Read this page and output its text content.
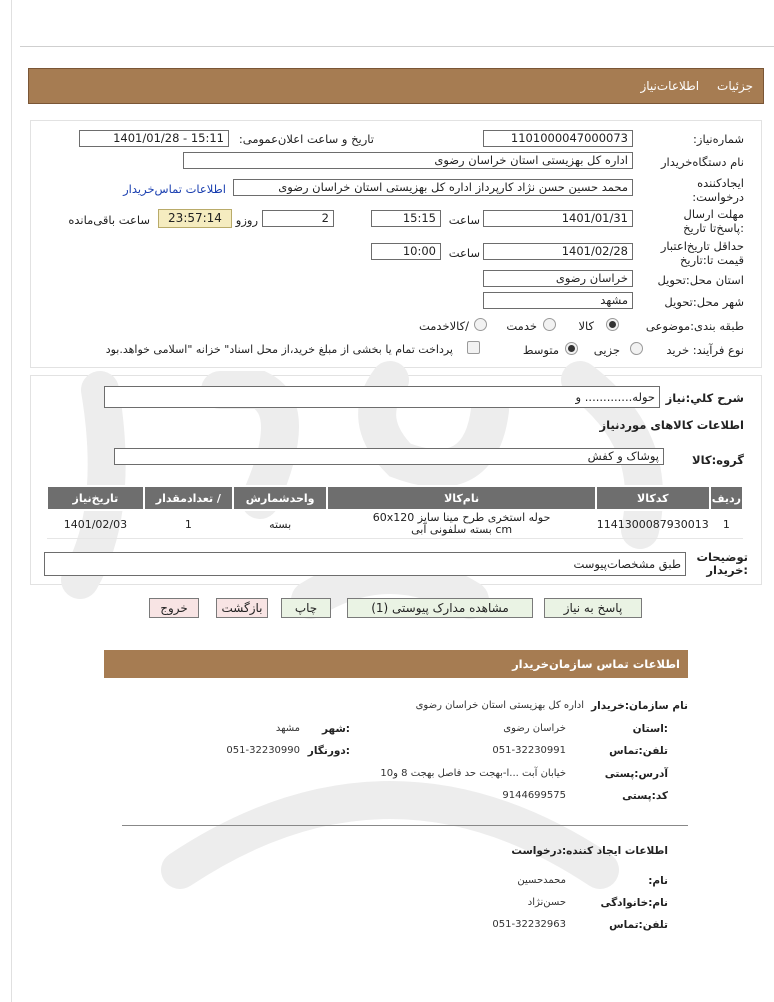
جزئیات
اطلاعات‌نیاز
شماره‌نیاز:
1101000047000073
تاریخ و ساعت اعلان‌عمومی:
1401/01/28 - 15:11
نام دستگاه‌خریدار
اداره کل بهزیستی استان خراسان رضوی
ایجادکننده درخواست:
محمد حسین حسن نژاد کارپرداز اداره کل بهزیستی استان خراسان رضوی
اطلاعات تماس‌خریدار
مهلت ارسال :پاسخ‌تا تاریخ
1401/01/31
ساعت
15:15
2
روزو
23:57:14
ساعت باقی‌مانده
حداقل تاریخ‌اعتبار قیمت تا:تاریخ
1401/02/28
ساعت
10:00
استان محل:تحویل
خراسان رضوی
شهر محل:تحویل
مشهد
طبقه بندی:موضوعی
کالا
خدمت
/کالاخدمت
نوع فرآیند: خرید
جزیی
متوسط
پرداخت تمام یا بخشی از مبلغ خرید،از محل اسناد" خزانه "اسلامی خواهد.بود
شرح کلي:نیاز
حوله............. و
اطلاعات کالاهای موردنیاز
گروه:کالا
پوشاک و کفش
ردیف	کدکالا	نام‌کالا	واحدشمارش	/ تعدادمقدار	تاریخ‌نیاز
1	1141300087930013	حوله استخری طرح مینا سایز 60x120
cm بسته سلفونی آبی	بسته	1	1401/02/03
توضیحات :خریدار
طبق مشخصات‌پیوست
پاسخ به نیاز
مشاهده مدارک پیوستی (1)
چاپ
بازگشت
خروج
اطلاعات تماس سازمان‌خریدار
نام سازمان:خریدار
اداره کل بهزیستی استان خراسان رضوی
:استان
خراسان رضوی
:شهر
مشهد
تلفن:تماس
051-32230991
:دورنگار
051-32230990
آدرس:پستی
خیابان آبت ...ا-بهجت حد فاصل بهجت 8 و10
کد:پستی
9144699575
اطلاعات ایجاد کننده:درخواست
نام:
محمدحسین
نام:خانوادگی
حسن‌نژاد
تلفن:تماس
051-32232963
